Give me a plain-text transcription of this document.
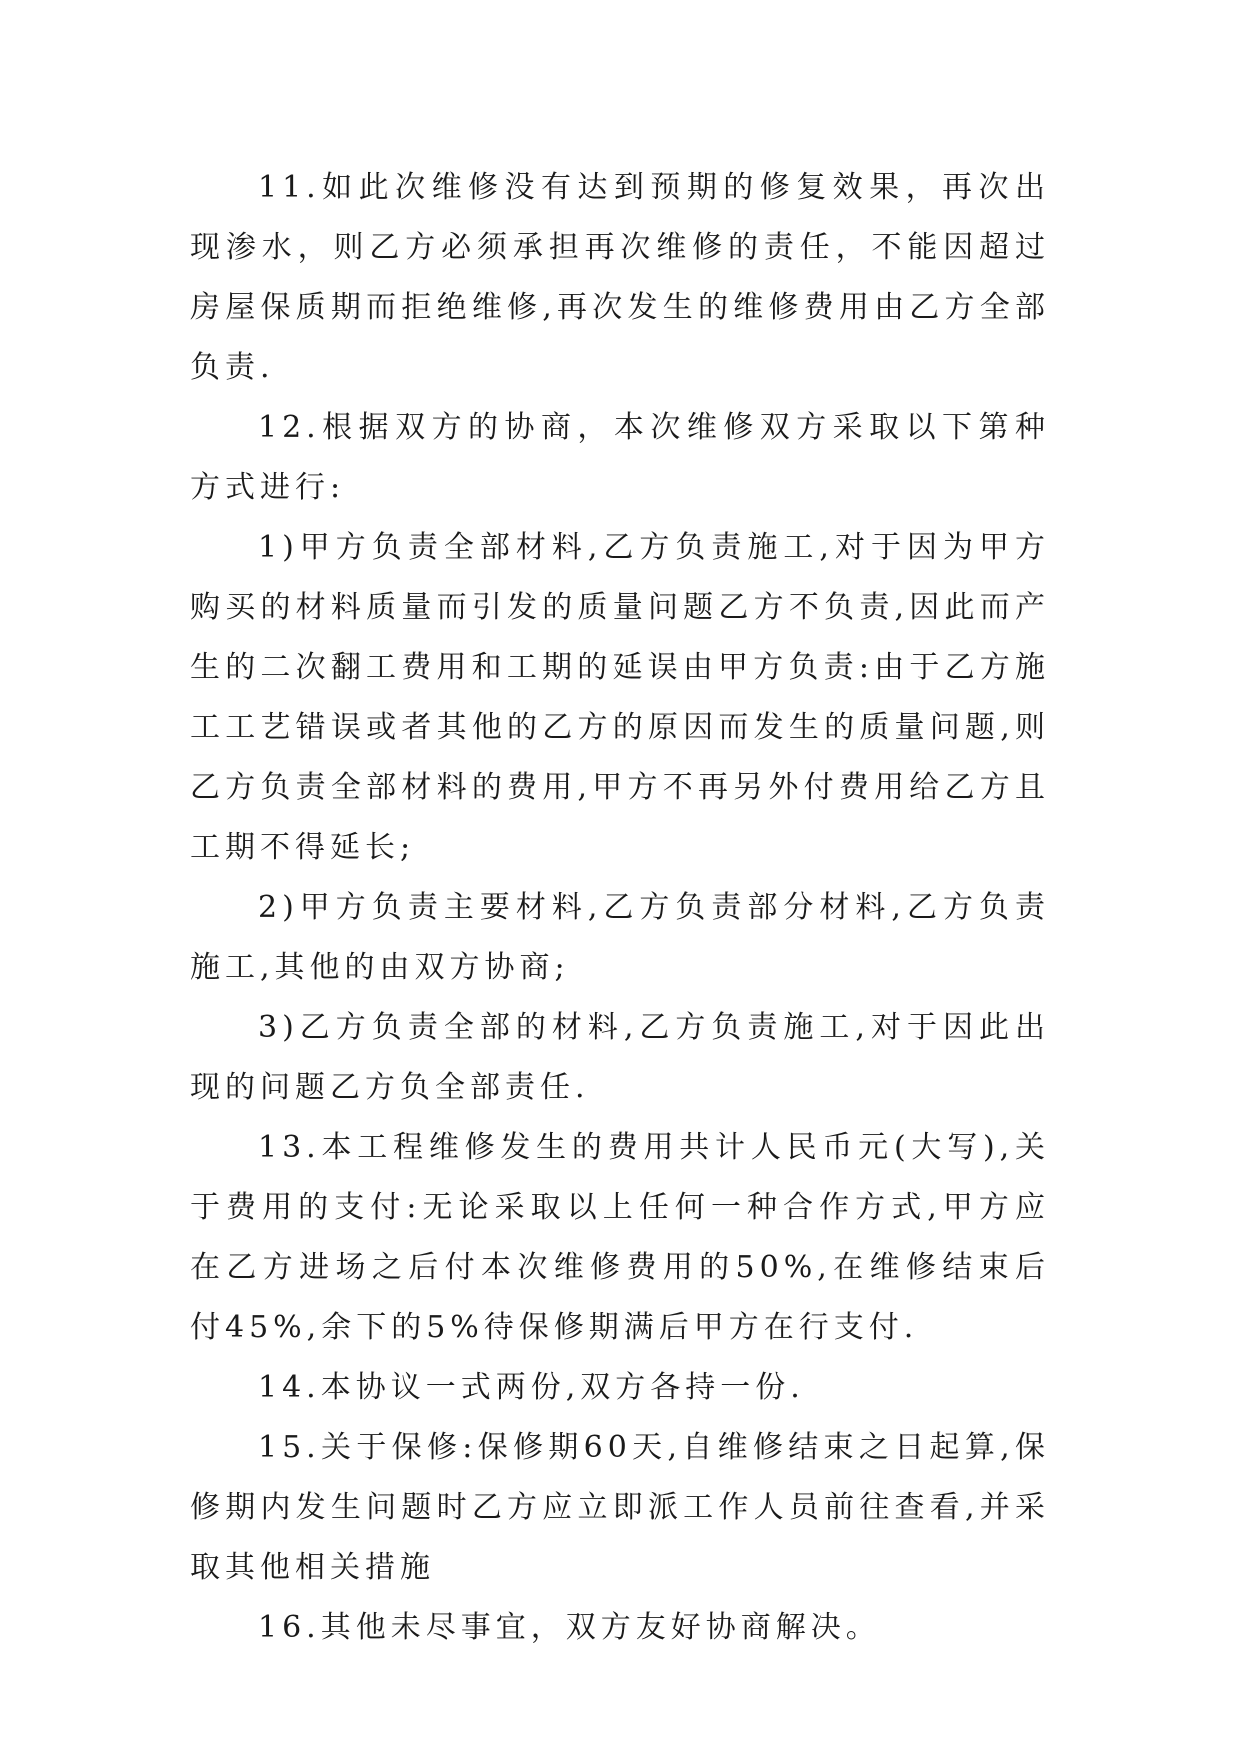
11.如此次维修没有达到预期的修复效果，再次出现渗水，则乙方必须承担再次维修的责任，不能因超过房屋保质期而拒绝维修,再次发生的维修费用由乙方全部负责.

12.根据双方的协商，本次维修双方采取以下第种方式进行:

1)甲方负责全部材料,乙方负责施工,对于因为甲方购买的材料质量而引发的质量问题乙方不负责,因此而产生的二次翻工费用和工期的延误由甲方负责:由于乙方施工工艺错误或者其他的乙方的原因而发生的质量问题,则乙方负责全部材料的费用,甲方不再另外付费用给乙方且工期不得延长;

2)甲方负责主要材料,乙方负责部分材料,乙方负责施工,其他的由双方协商;

3)乙方负责全部的材料,乙方负责施工,对于因此出现的问题乙方负全部责任.

13.本工程维修发生的费用共计人民币元(大写),关于费用的支付:无论采取以上任何一种合作方式,甲方应在乙方进场之后付本次维修费用的50%,在维修结束后付45%,余下的5%待保修期满后甲方在行支付.

14.本协议一式两份,双方各持一份.

15.关于保修:保修期60天,自维修结束之日起算,保修期内发生问题时乙方应立即派工作人员前往查看,并采取其他相关措施

16.其他未尽事宜，双方友好协商解决。
